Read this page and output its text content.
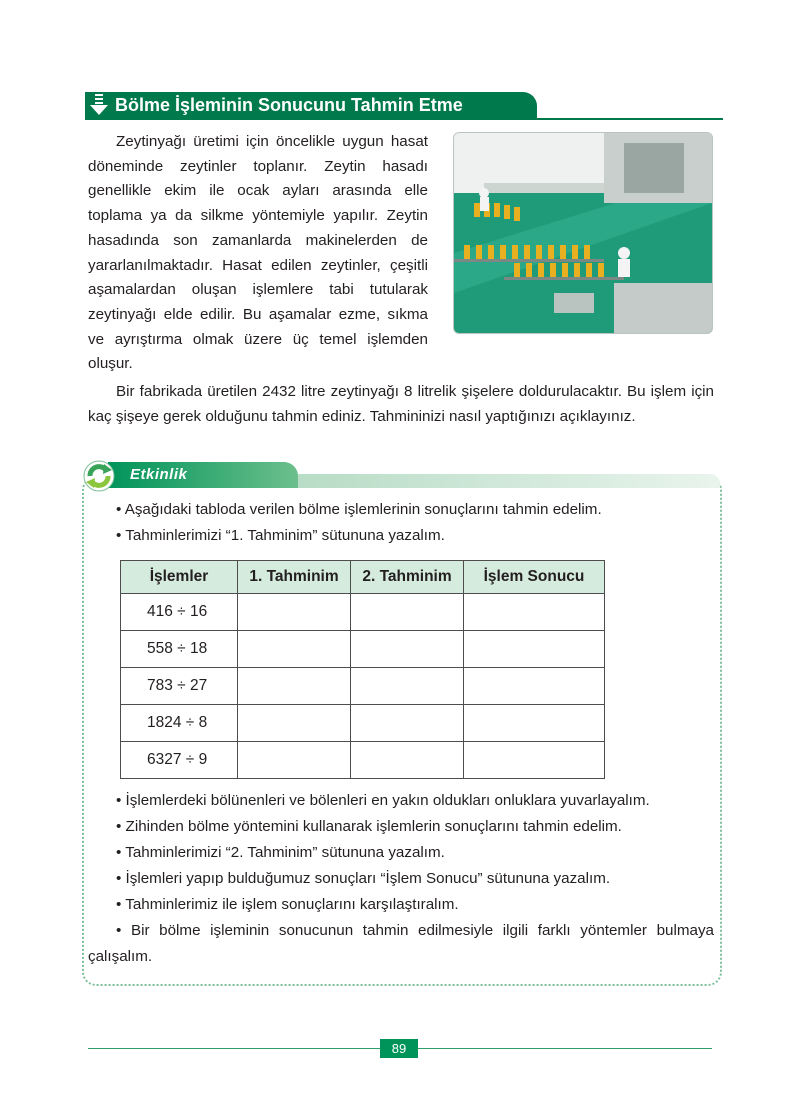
Bölme İşleminin Sonucunu Tahmin Etme

Zeytinyağı üretimi için öncelikle uygun hasat döneminde zeytinler toplanır. Zeytin hasadı genellikle ekim ile ocak ayları arasında elle toplama ya da silkme yöntemiyle yapılır. Zeytin hasadında son zamanlarda makinelerden de yararlanılmaktadır. Hasat edilen zeytinler, çeşitli aşamalardan oluşan işlemlere tabi tutularak zeytinyağı elde edilir. Bu aşamalar ezme, sıkma ve ayrıştırma olmak üzere üç temel işlemden oluşur.

Bir fabrikada üretilen 2432 litre zeytinyağı 8 litrelik şişelere doldurulacaktır. Bu işlem için kaç şişeye gerek olduğunu tahmin ediniz. Tahmininizi nasıl yaptığınızı açıklayınız.

Etkinlik
• Aşağıdaki tabloda verilen bölme işlemlerinin sonuçlarını tahmin edelim.
• Tahminlerimizi “1. Tahminim” sütununa yazalım.
İşlemler	1. Tahminim	2. Tahminim	İşlem Sonucu
416 ÷ 16			
558 ÷ 18			
783 ÷ 27			
1824 ÷ 8			
6327 ÷ 9			
• İşlemlerdeki bölünenleri ve bölenleri en yakın oldukları onluklara yuvarlayalım.
• Zihinden bölme yöntemini kullanarak işlemlerin sonuçlarını tahmin edelim.
• Tahminlerimizi “2. Tahminim” sütununa yazalım.
• İşlemleri yapıp bulduğumuz sonuçları “İşlem Sonucu” sütununa yazalım.
• Tahminlerimiz ile işlem sonuçlarını karşılaştıralım.
• Bir bölme işleminin sonucunun tahmin edilmesiyle ilgili farklı yöntemler bulmaya çalışalım.
89
